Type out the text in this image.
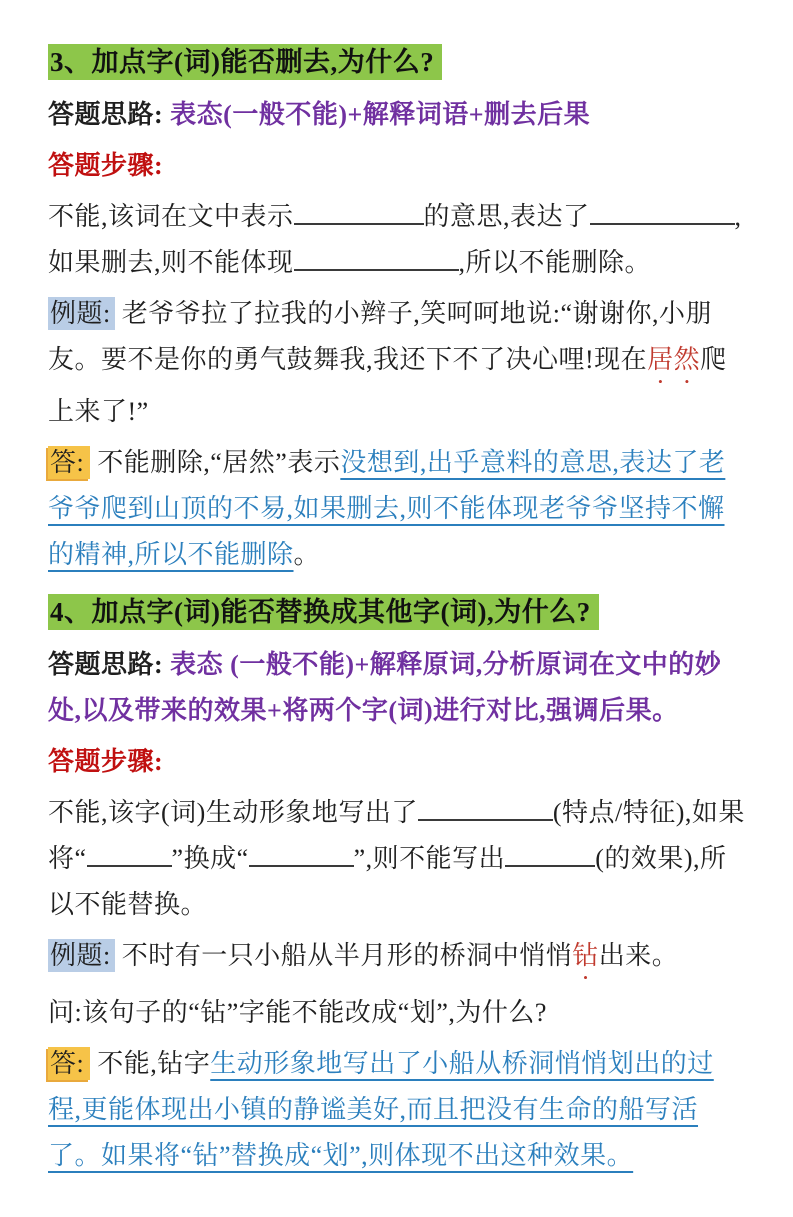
3、加点字(词)能否删去,为什么?

答题思路: 表态(一般不能)+解释词语+删去后果

答题步骤:

不能,该词在文中表示	的意思,表达了	,如果删去,则不能体现	,所以不能删除。

例题: 老爷爷拉了拉我的小辫子,笑呵呵地说:“谢谢你,小朋友。要不是你的勇气鼓舞我,我还下不了决心哩!现在居然爬上来了!”

答: 不能删除,“居然”表示没想到,出乎意料的意思,表达了老爷爷爬到山顶的不易,如果删去,则不能体现老爷爷坚持不懈的精神,所以不能删除。

4、加点字(词)能否替换成其他字(词),为什么?

答题思路: 表态 (一般不能)+解释原词,分析原词在文中的妙处,以及带来的效果+将两个字(词)进行对比,强调后果。

答题步骤:

不能,该字(词)生动形象地写出了	(特点/特征),如果将“	”换成“	”,则不能写出	(的效果),所以不能替换。

例题: 不时有一只小船从半月形的桥洞中悄悄钻出来。

问:该句子的“钻”字能不能改成“划”,为什么?

答: 不能,钻字生动形象地写出了小船从桥洞悄悄划出的过程,更能体现出小镇的静谧美好,而且把没有生命的船写活了。如果将“钻”替换成“划”,则体现不出这种效果。
